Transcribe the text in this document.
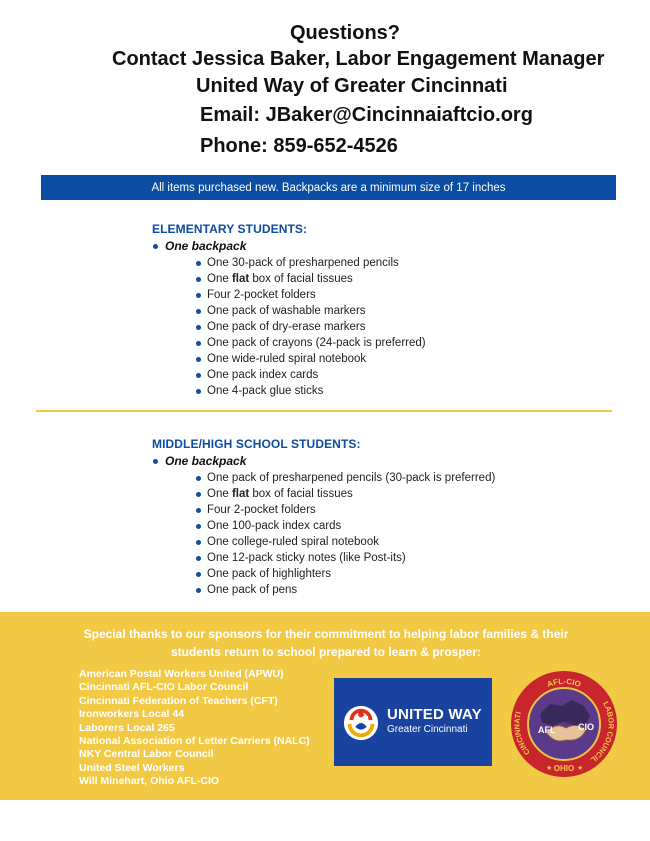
Questions?
Contact Jessica Baker, Labor Engagement Manager
United Way of Greater Cincinnati
Email: JBaker@Cincinnaiaftcio.org
Phone: 859-652-4526
All items purchased new. Backpacks are a minimum size of 17 inches
ELEMENTARY STUDENTS:
One backpack
One 30-pack of presharpened pencils
One flat box of facial tissues
Four 2-pocket folders
One pack of washable markers
One pack of dry-erase markers
One pack of crayons (24-pack is preferred)
One wide-ruled spiral notebook
One pack index cards
One 4-pack glue sticks
MIDDLE/HIGH SCHOOL STUDENTS:
One backpack
One pack of presharpened pencils (30-pack is preferred)
One flat box of facial tissues
Four 2-pocket folders
One 100-pack index cards
One college-ruled spiral notebook
One 12-pack sticky notes (like Post-its)
One pack of highlighters
One pack of pens
Special thanks to our sponsors for their commitment to helping labor families & their
students return to school prepared to learn & prosper:
American Postal Workers United (APWU)
Cincinnati AFL-CIO Labor Council
Cincinnati Federation of Teachers (CFT)
Ironworkers Local 44
Laborers Local 265
National Association of Letter Carriers (NALC)
NKY Central Labor Council
United Steel Workers
Will Minehart, Ohio AFL-CIO
UNITED WAY
Greater Cincinnati	AFL	CIO
AFL-CIO
CINCINNATI
LABOR COUNCIL
OHIO
★	★
